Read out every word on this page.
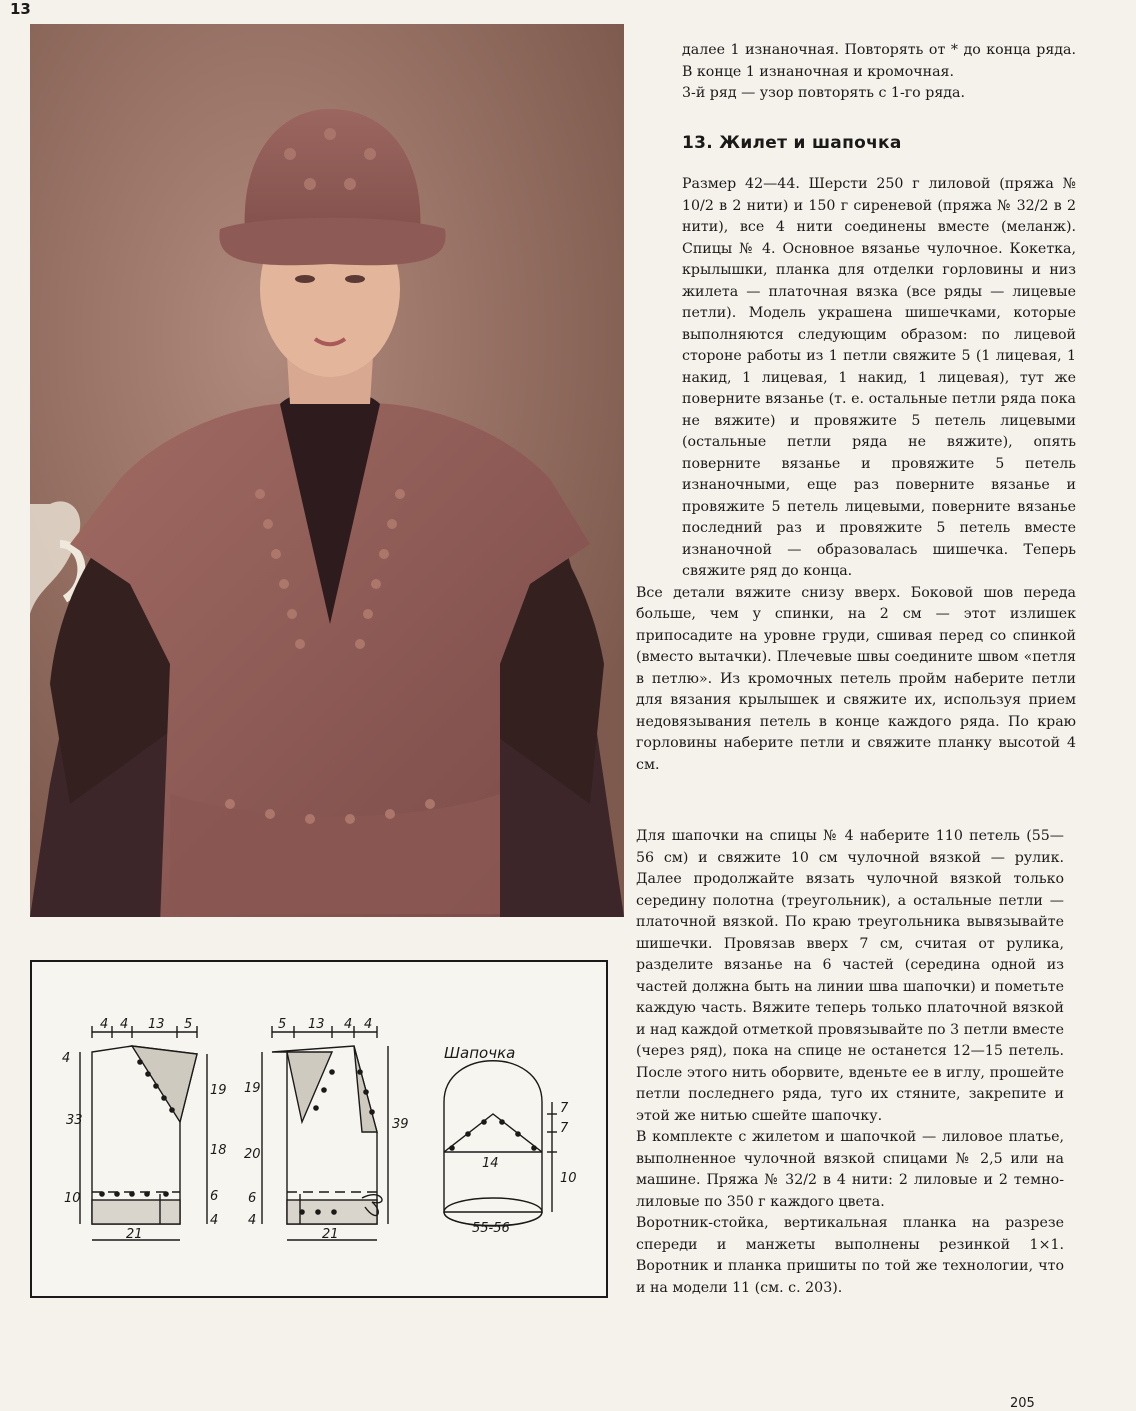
13

далее 1 изнаночная. Повторять от * до конца ряда. В конце 1 изнаночная и кромочная.

3-й ряд — узор повторять с 1-го ряда.

13. Жилет и шапочка

Размер 42—44. Шерсти 250 г лиловой (пряжа № 10/2 в 2 нити) и 150 г сиреневой (пряжа № 32/2 в 2 нити), все 4 нити соединены вместе (меланж). Спицы № 4. Основное вязанье чулочное. Кокетка, крылышки, планка для отделки горловины и низ жилета — платочная вязка (все ряды — лицевые петли). Модель украшена шишечками, которые выполняются следующим образом: по лицевой стороне работы из 1 петли свяжите 5 (1 лицевая, 1 накид, 1 лицевая, 1 накид, 1 лицевая), тут же поверните вязанье (т. е. остальные петли ряда пока не вяжите) и провяжите 5 петель лицевыми (остальные петли ряда не вяжите), опять поверните вязанье и провяжите 5 петель изнаночными, еще раз поверните вязанье и провяжите 5 петель лицевыми, поверните вязанье последний раз и провяжите 5 петель вместе изнаночной — образовалась шишечка. Теперь свяжите ряд до конца.

Все детали вяжите снизу вверх. Боковой шов переда больше, чем у спинки, на 2 см — этот излишек припосадите на уровне груди, сшивая перед со спинкой (вместо вытачки). Плечевые швы соедините швом «петля в петлю». Из кромочных петель пройм наберите петли для вязания крылышек и свяжите их, используя прием недовязывания петель в конце каждого ряда. По краю горловины наберите петли и свяжите планку высотой 4 см.

Для шапочки на спицы № 4 наберите 110 петель (55—56 см) и свяжите 10 см чулочной вязкой — рулик. Далее продолжайте вязать чулочной вязкой только середину полотна (треугольник), а остальные петли — платочной вязкой. По краю треугольника вывязывайте шишечки. Провязав вверх 7 см, считая от рулика, разделите вязанье на 6 частей (середина одной из частей должна быть на линии шва шапочки) и пометьте каждую часть. Вяжите теперь только платочной вязкой и над каждой отметкой провязывайте по 3 петли вместе (через ряд), пока на спице не останется 12—15 петель. После этого нить оборвите, вденьте ее в иглу, прошейте петли последнего ряда, туго их стяните, закрепите и этой же нитью сшейте шапочку.

В комплекте с жилетом и шапочкой — лиловое платье, выполненное чулочной вязкой спицами № 2,5 или на машине. Пряжа № 32/2 в 4 нити: 2 лиловые и 2 темно-лиловые по 350 г каждого цвета.

Воротник-стойка, вертикальная планка на разрезе спереди и манжеты выполнены резинкой 1×1. Воротник и планка пришиты по той же технологии, что и на модели 11 (см. с. 203).

4 4 13 5
4
33
10
19
18
6
4
21
5 13 4 4
19
20
6
4
39
21
Шапочка
7
7
10
14
55-56
205
